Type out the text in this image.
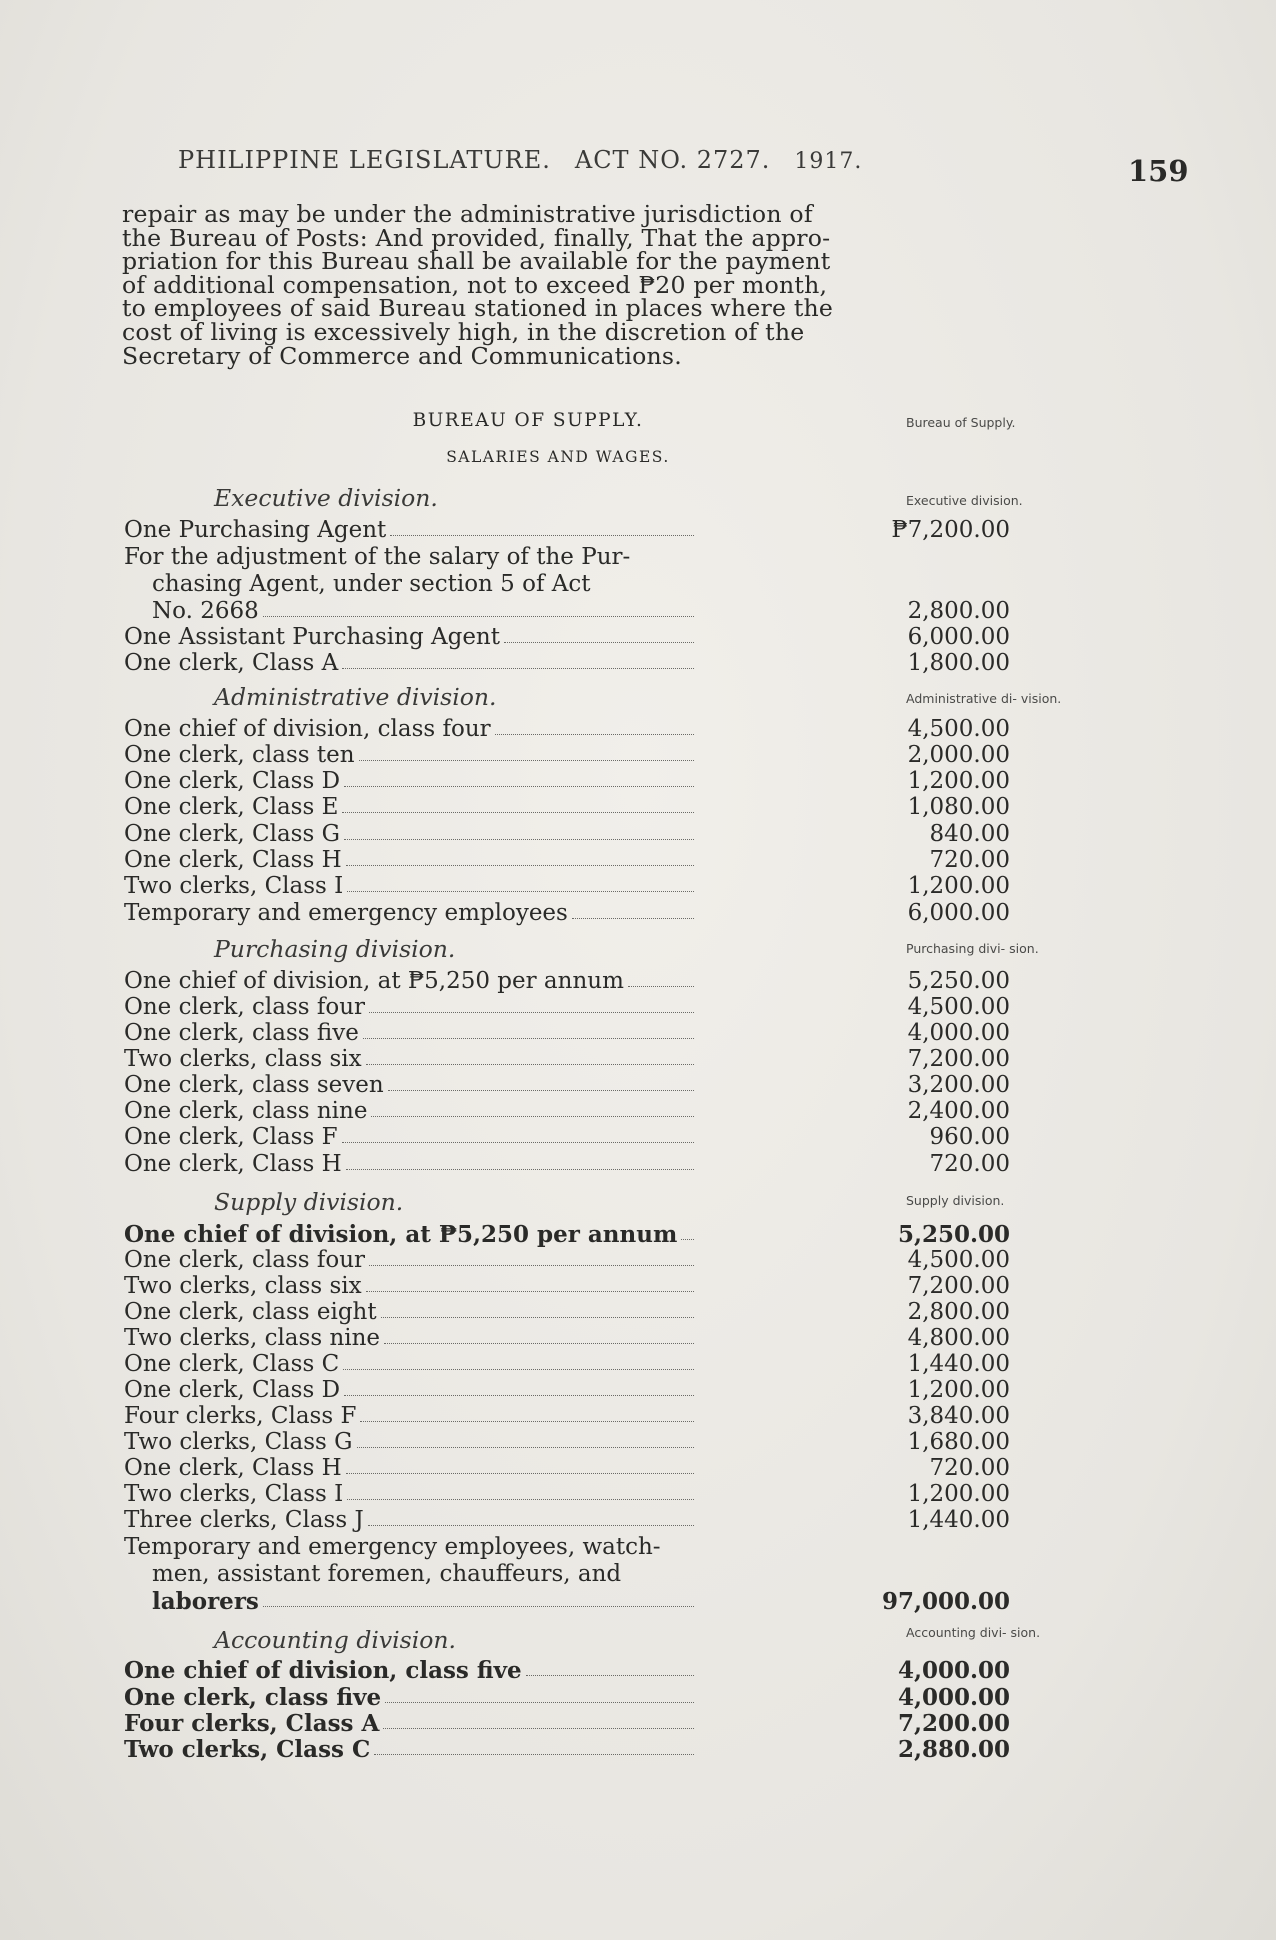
PHILIPPINE LEGISLATURE. ACT NO. 2727. 1917.	159
repair as may be under the administrative jurisdiction of
the Bureau of Posts: And provided, finally, That the appro-
priation for this Bureau shall be available for the payment
of additional compensation, not to exceed ₱20 per month,
to employees of said Bureau stationed in places where the
cost of living is excessively high, in the discretion of the
Secretary of Commerce and Communications.
BUREAU OF SUPPLY.
SALARIES AND WAGES.
Bureau of Supply.
Executive division.
Administrative di- vision.
Purchasing divi- sion.
Supply division.
Accounting divi- sion.
Executive division.
One Purchasing Agent	₱7,200.00
For the adjustment of the salary of the Pur-
chasing Agent, under section 5 of Act
No. 2668	2,800.00
One Assistant Purchasing Agent	6,000.00
One clerk, Class A	1,800.00
Administrative division.
One chief of division, class four	4,500.00
One clerk, class ten	2,000.00
One clerk, Class D	1,200.00
One clerk, Class E	1,080.00
One clerk, Class G	840.00
One clerk, Class H	720.00
Two clerks, Class I	1,200.00
Temporary and emergency employees	6,000.00
Purchasing division.
One chief of division, at ₱5,250 per annum	5,250.00
One clerk, class four	4,500.00
One clerk, class five	4,000.00
Two clerks, class six	7,200.00
One clerk, class seven	3,200.00
One clerk, class nine	2,400.00
One clerk, Class F	960.00
One clerk, Class H	720.00
Supply division.
One chief of division, at ₱5,250 per annum	5,250.00
One clerk, class four	4,500.00
Two clerks, class six	7,200.00
One clerk, class eight	2,800.00
Two clerks, class nine	4,800.00
One clerk, Class C	1,440.00
One clerk, Class D	1,200.00
Four clerks, Class F	3,840.00
Two clerks, Class G	1,680.00
One clerk, Class H	720.00
Two clerks, Class I	1,200.00
Three clerks, Class J	1,440.00
Temporary and emergency employees, watch-
men, assistant foremen, chauffeurs, and
laborers	97,000.00
Accounting division.
One chief of division, class five	4,000.00
One clerk, class five	4,000.00
Four clerks, Class A	7,200.00
Two clerks, Class C	2,880.00
